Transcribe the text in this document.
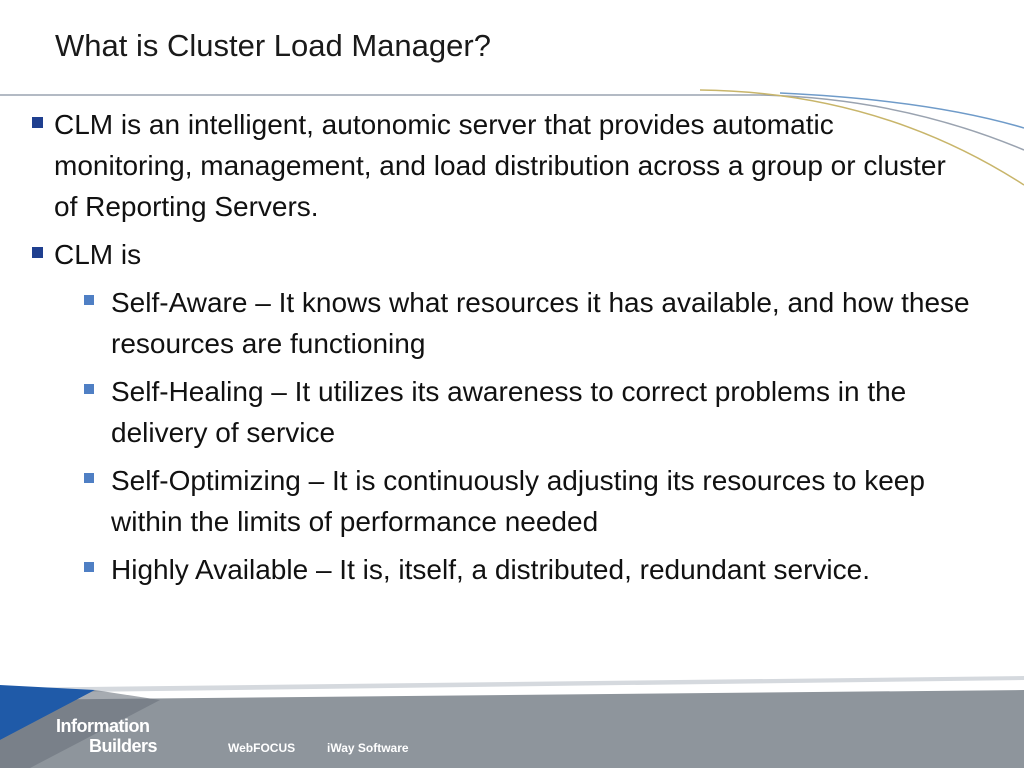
What is Cluster Load Manager?
CLM is an intelligent, autonomic server that provides automatic monitoring, management, and load distribution across a group or cluster of Reporting Servers.
CLM is
Self-Aware – It knows what resources it has available, and how these resources are functioning
Self-Healing – It utilizes its awareness to correct problems in the delivery of service
Self-Optimizing – It is continuously adjusting its resources to keep within the limits of performance needed
Highly Available – It is, itself, a distributed, redundant service.
Information
Builders	WebFOCUS	iWay Software
